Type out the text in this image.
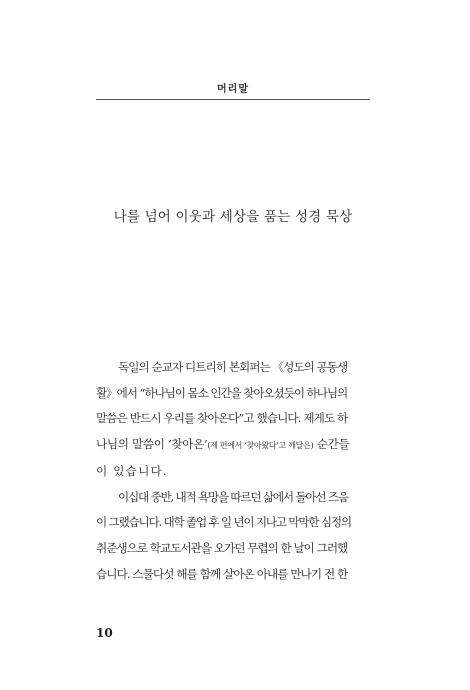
머리말
나를 넘어 이웃과 세상을 품는 성경 묵상

독일의 순교자 디트리히 본회퍼는 《성도의 공동생
활》에서 “하나님이 몸소 인간을 찾아오셨듯이 하나님의
말씀은 반드시 우리를 찾아온다”고 했습니다. 제게도 하
나님의 말씀이 ‘찾아온’(제 편에서 ‘찾아왔다’고 깨달은) 순간들
이 있습니다.

이십대 중반, 내적 욕망을 따르던 삶에서 돌아선 즈음
이 그랬습니다. 대학 졸업 후 일 년이 지나고 막막한 심정의
취준생으로 학교도서관을 오가던 무렵의 한 날이 그러했
습니다. 스물다섯 해를 함께 살아온 아내를 만나기 전 한

10
